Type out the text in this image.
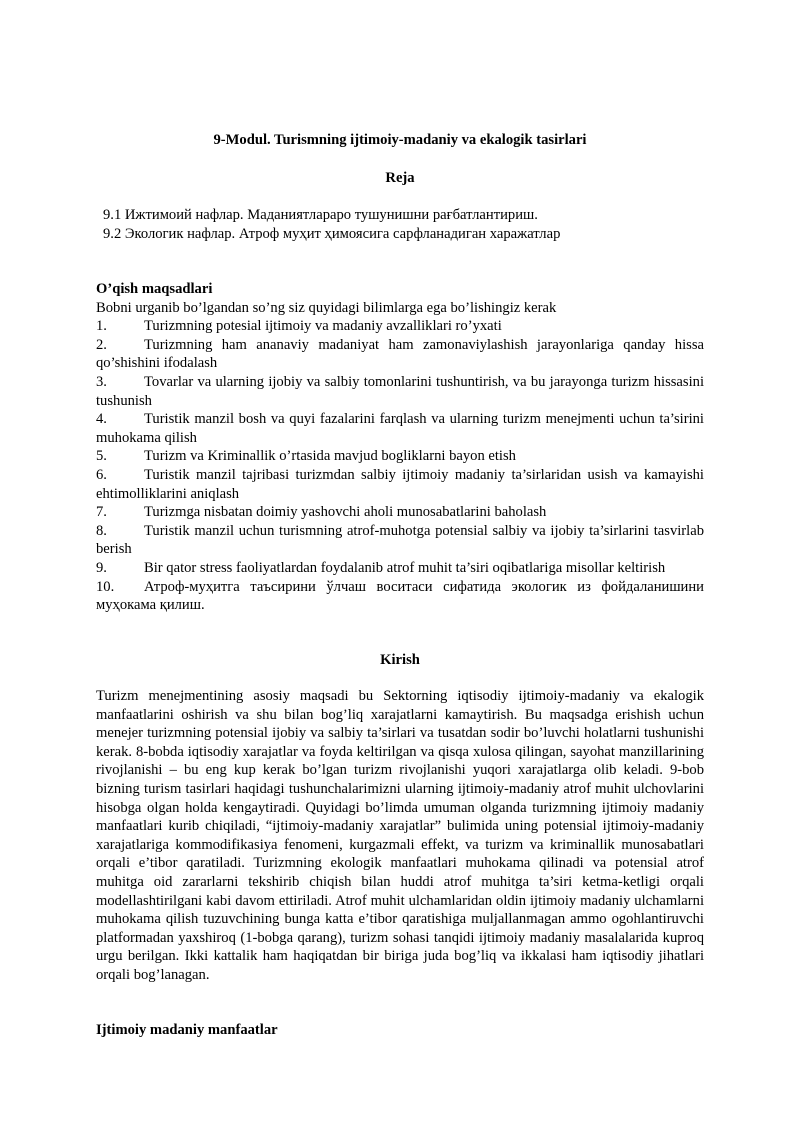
9-Modul. Turismning ijtimoiy-madaniy va ekalogik tasirlari
Reja
9.1 Ижтимоий нафлар. Маданиятлараро тушунишни рағбатлантириш.
9.2 Экологик нафлар. Атроф муҳит ҳимоясига сарфланадиган харажатлар
O’qish maqsadlari
Bobni urganib bo’lgandan so’ng siz quyidagi bilimlarga ega bo’lishingiz kerak
1.	Turizmning potesial ijtimoiy va madaniy avzalliklari ro’yxati
2.	Turizmning ham ananaviy madaniyat ham zamonaviylashish jarayonlariga qanday hissa qo’shishini ifodalash
3.	Tovarlar va ularning ijobiy va salbiy tomonlarini tushuntirish, va bu jarayonga turizm hissasini tushunish
4.	Turistik manzil bosh va quyi fazalarini farqlash va ularning turizm menejmenti uchun ta’sirini muhokama qilish
5.	Turizm va Kriminallik o’rtasida mavjud bogliklarni bayon etish
6.	Turistik manzil tajribasi turizmdan salbiy ijtimoiy madaniy ta’sirlaridan usish va kamayishi ehtimolliklarini aniqlash
7.	Turizmga nisbatan doimiy yashovchi aholi munosabatlarini baholash
8.	Turistik manzil uchun turismning atrof-muhotga potensial salbiy va ijobiy ta’sirlarini tasvirlab berish
9.	Bir qator stress faoliyatlardan foydalanib atrof muhit ta’siri oqibatlariga misollar keltirish
10. Атроф-муҳитга таъсирини ўлчаш воситаси сифатида экологик из фойдаланишини муҳокама қилиш.
Kirish
Turizm menejmentining asosiy maqsadi bu Sektorning iqtisodiy ijtimoiy-madaniy va ekalogik manfaatlarini oshirish va shu bilan bog’liq xarajatlarni kamaytirish. Bu maqsadga erishish uchun menejer turizmning potensial ijobiy va salbiy ta’sirlari va tusatdan sodir bo’luvchi holatlarni tushunishi kerak. 8-bobda iqtisodiy xarajatlar va foyda keltirilgan va qisqa xulosa qilingan, sayohat manzillarining rivojlanishi – bu eng kup kerak bo’lgan turizm rivojlanishi yuqori xarajatlarga olib keladi. 9-bob bizning turism tasirlari haqidagi tushunchalarimizni ularning ijtimoiy-madaniy atrof muhit ulchovlarini hisobga olgan holda kengaytiradi. Quyidagi bo’limda umuman olganda turizmning ijtimoiy madaniy manfaatlari kurib chiqiladi, “ijtimoiy-madaniy xarajatlar” bulimida uning potensial ijtimoiy-madaniy xarajatlariga kommodifikasiya fenomeni, kurgazmali effekt, va turizm va kriminallik munosabatlari orqali e’tibor qaratiladi. Turizmning ekologik manfaatlari muhokama qilinadi va potensial atrof muhitga oid zararlarni tekshirib chiqish bilan huddi atrof muhitga ta’siri ketma-ketligi orqali modellashtirilgani kabi davom ettiriladi. Atrof muhit ulchamlaridan oldin ijtimoiy madaniy ulchamlarni muhokama qilish tuzuvchining bunga katta e’tibor qaratishiga muljallanmagan ammo ogohlantiruvchi platformadan yaxshiroq (1-bobga qarang), turizm sohasi tanqidi ijtimoiy madaniy masalalarida kuproq urgu berilgan. Ikki kattalik ham haqiqatdan bir biriga juda bog’liq va ikkalasi ham iqtisodiy jihatlari orqali bog’lanagan.
Ijtimoiy madaniy manfaatlar
